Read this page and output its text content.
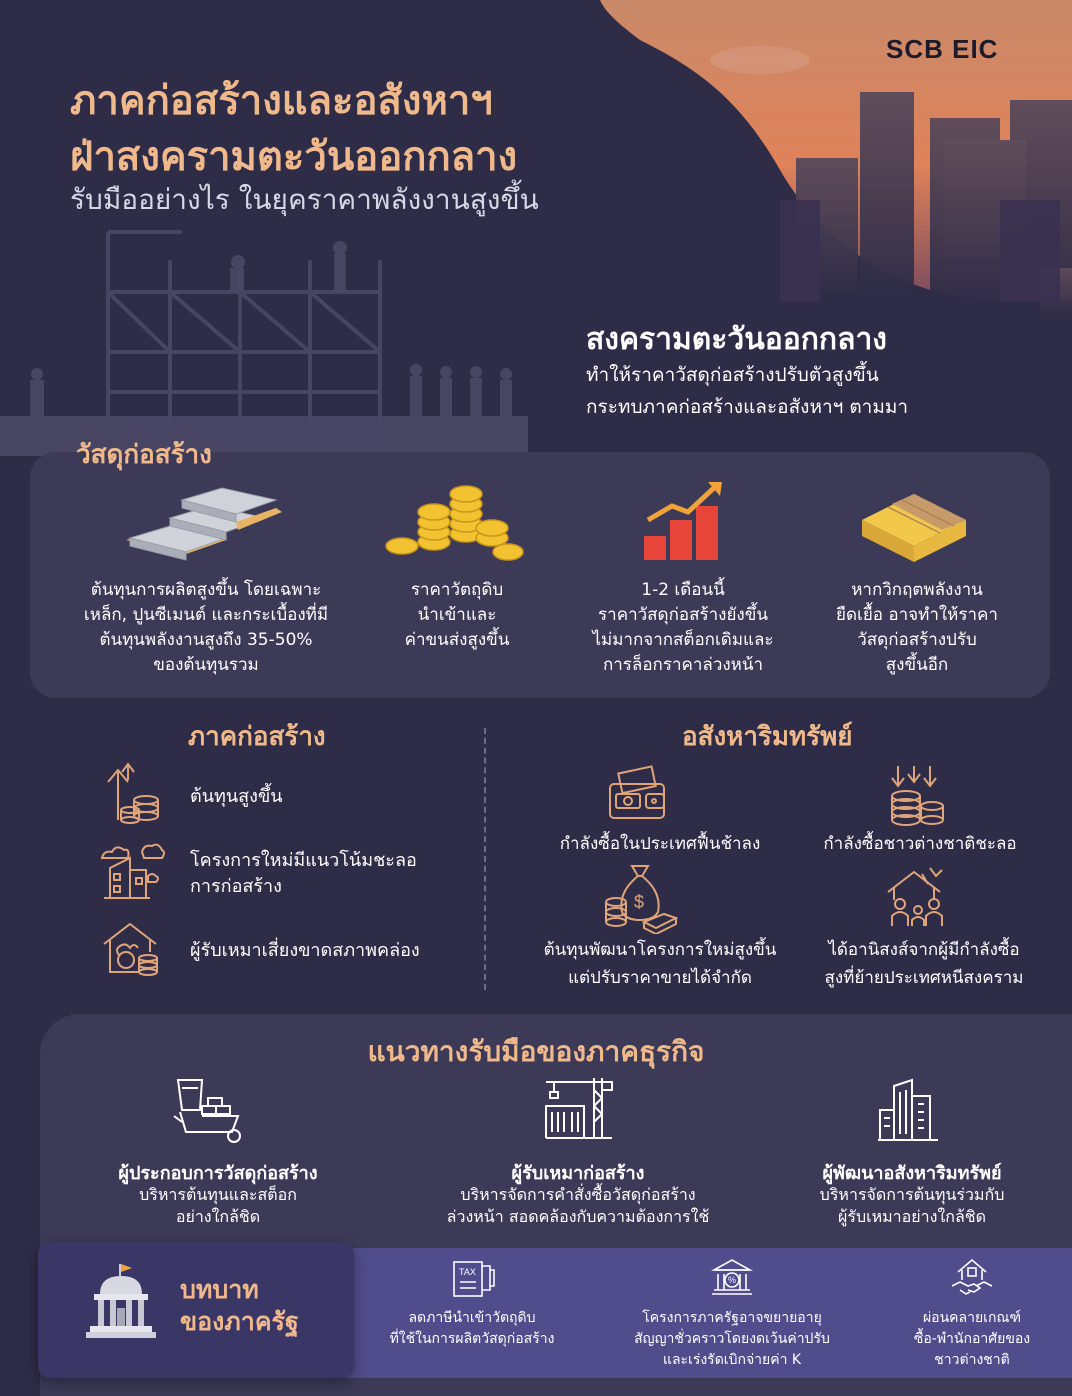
SCB EIC
ภาคก่อสร้างและอสังหาฯ
ฝ่าสงครามตะวันออกกลาง
รับมืออย่างไร ในยุคราคาพลังงานสูงขึ้น
สงครามตะวันออกกลาง
ทำให้ราคาวัสดุก่อสร้างปรับตัวสูงขึ้น
กระทบภาคก่อสร้างและอสังหาฯ ตามมา
วัสดุก่อสร้าง
ต้นทุนการผลิตสูงขึ้น โดยเฉพาะ
เหล็ก, ปูนซีเมนต์ และกระเบื้องที่มี
ต้นทุนพลังงานสูงถึง 35-50%
ของต้นทุนรวม
ราคาวัตถุดิบ
นำเข้าและ
ค่าขนส่งสูงขึ้น
1-2 เดือนนี้
ราคาวัสดุก่อสร้างยังขึ้น
ไม่มากจากสต็อกเดิมและ
การล็อกราคาล่วงหน้า
หากวิกฤตพลังงาน
ยืดเยื้อ อาจทำให้ราคา
วัสดุก่อสร้างปรับ
สูงขึ้นอีก
ภาคก่อสร้าง	อสังหาริมทรัพย์
ต้นทุนสูงขึ้น
โครงการใหม่มีแนวโน้มชะลอ
การก่อสร้าง
ผู้รับเหมาเสี่ยงขาดสภาพคล่อง
$
กำลังซื้อในประเทศฟื้นช้าลง	กำลังซื้อชาวต่างชาติชะลอ
ต้นทุนพัฒนาโครงการใหม่สูงขึ้น
แต่ปรับราคาขายได้จำกัด
ได้อานิสงส์จากผู้มีกำลังซื้อ
สูงที่ย้ายประเทศหนีสงคราม
แนวทางรับมือของภาคธุรกิจ
ผู้ประกอบการวัสดุก่อสร้าง
บริหารต้นทุนและสต็อก
อย่างใกล้ชิด
ผู้รับเหมาก่อสร้าง
บริหารจัดการคำสั่งซื้อวัสดุก่อสร้าง
ล่วงหน้า สอดคล้องกับความต้องการใช้
ผู้พัฒนาอสังหาริมทรัพย์
บริหารจัดการต้นทุนร่วมกับ
ผู้รับเหมาอย่างใกล้ชิด
บทบาท
ของภาครัฐ
TAX
%
ลดภาษีนำเข้าวัตถุดิบ
ที่ใช้ในการผลิตวัสดุก่อสร้าง
โครงการภาครัฐอาจขยายอายุ
สัญญาชั่วคราวโดยงดเว้นค่าปรับ
และเร่งรัดเบิกจ่ายค่า K
ผ่อนคลายเกณฑ์
ซื้อ-พำนักอาศัยของ
ชาวต่างชาติ
